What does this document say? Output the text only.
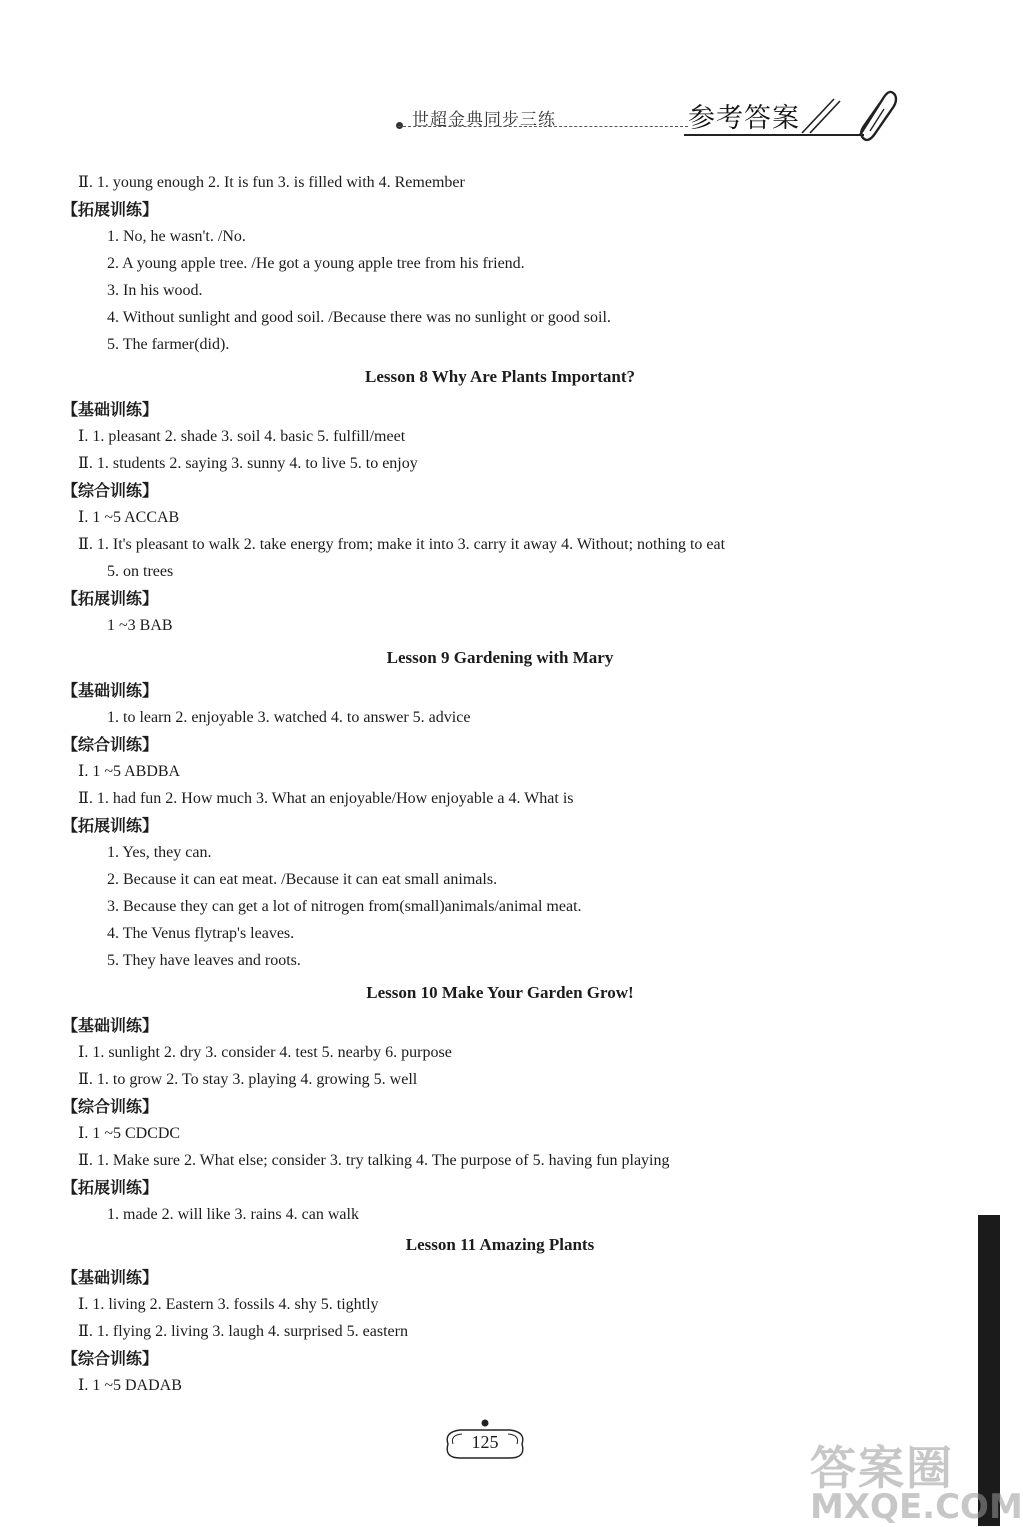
世超金典同步三练	参考答案
Ⅱ. 1. young enough 2. It is fun 3. is filled with 4. Remember
【拓展训练】
1. No, he wasn't. /No.
2. A young apple tree. /He got a young apple tree from his friend.
3. In his wood.
4. Without sunlight and good soil. /Because there was no sunlight or good soil.
5. The farmer(did).
Lesson 8 Why Are Plants Important?
【基础训练】
Ⅰ. 1. pleasant 2. shade 3. soil 4. basic 5. fulfill/meet
Ⅱ. 1. students 2. saying 3. sunny 4. to live 5. to enjoy
【综合训练】
Ⅰ. 1 ~5 ACCAB
Ⅱ. 1. It's pleasant to walk 2. take energy from; make it into 3. carry it away 4. Without; nothing to eat
5. on trees
【拓展训练】
1 ~3 BAB
Lesson 9 Gardening with Mary
【基础训练】
1. to learn 2. enjoyable 3. watched 4. to answer 5. advice
【综合训练】
Ⅰ. 1 ~5 ABDBA
Ⅱ. 1. had fun 2. How much 3. What an enjoyable/How enjoyable a 4. What is
【拓展训练】
1. Yes, they can.
2. Because it can eat meat. /Because it can eat small animals.
3. Because they can get a lot of nitrogen from(small)animals/animal meat.
4. The Venus flytrap's leaves.
5. They have leaves and roots.
Lesson 10 Make Your Garden Grow!
【基础训练】
Ⅰ. 1. sunlight 2. dry 3. consider 4. test 5. nearby 6. purpose
Ⅱ. 1. to grow 2. To stay 3. playing 4. growing 5. well
【综合训练】
Ⅰ. 1 ~5 CDCDC
Ⅱ. 1. Make sure 2. What else; consider 3. try talking 4. The purpose of 5. having fun playing
【拓展训练】
1. made 2. will like 3. rains 4. can walk
Lesson 11 Amazing Plants
【基础训练】
Ⅰ. 1. living 2. Eastern 3. fossils 4. shy 5. tightly
Ⅱ. 1. flying 2. living 3. laugh 4. surprised 5. eastern
【综合训练】
Ⅰ. 1 ~5 DADAB
125	答案圈
MXQE.COM
